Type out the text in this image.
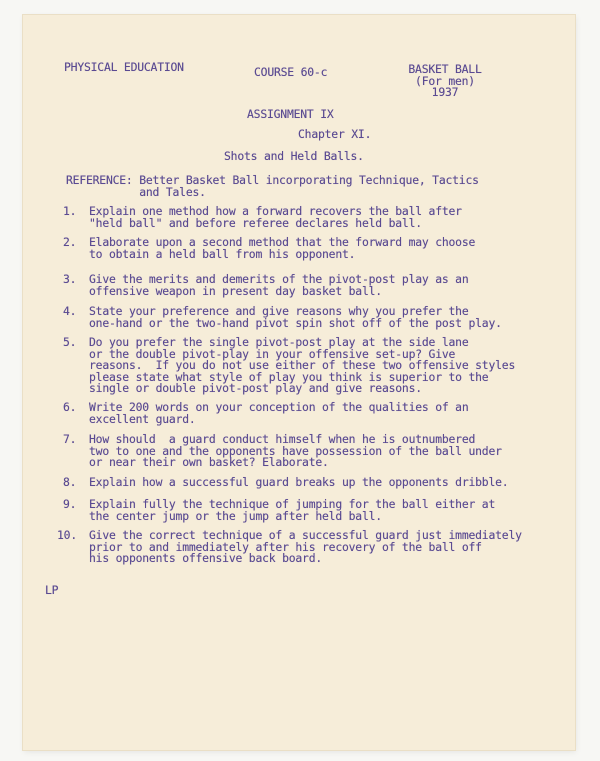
PHYSICAL EDUCATION	COURSE 60-c	BASKET BALL
(For men)
1937
ASSIGNMENT IX
Chapter XI.
Shots and Held Balls.
REFERENCE: Better Basket Ball incorporating Technique, Tactics
and Tales.
1. Explain one method how a forward recovers the ball after
"held ball" and before referee declares held ball.
2. Elaborate upon a second method that the forward may choose
to obtain a held ball from his opponent.
3. Give the merits and demerits of the pivot-post play as an
offensive weapon in present day basket ball.
4. State your preference and give reasons why you prefer the
one-hand or the two-hand pivot spin shot off of the post play.
5. Do you prefer the single pivot-post play at the side lane
or the double pivot-play in your offensive set-up? Give
reasons.  If you do not use either of these two offensive styles
please state what style of play you think is superior to the
single or double pivot-post play and give reasons.
6. Write 200 words on your conception of the qualities of an
excellent guard.
7. How should  a guard conduct himself when he is outnumbered
two to one and the opponents have possession of the ball under
or near their own basket? Elaborate.
8. Explain how a successful guard breaks up the opponents dribble.
9. Explain fully the technique of jumping for the ball either at
the center jump or the jump after held ball.
10. Give the correct technique of a successful guard just immediately
prior to and immediately after his recovery of the ball off
his opponents offensive back board.
LP
